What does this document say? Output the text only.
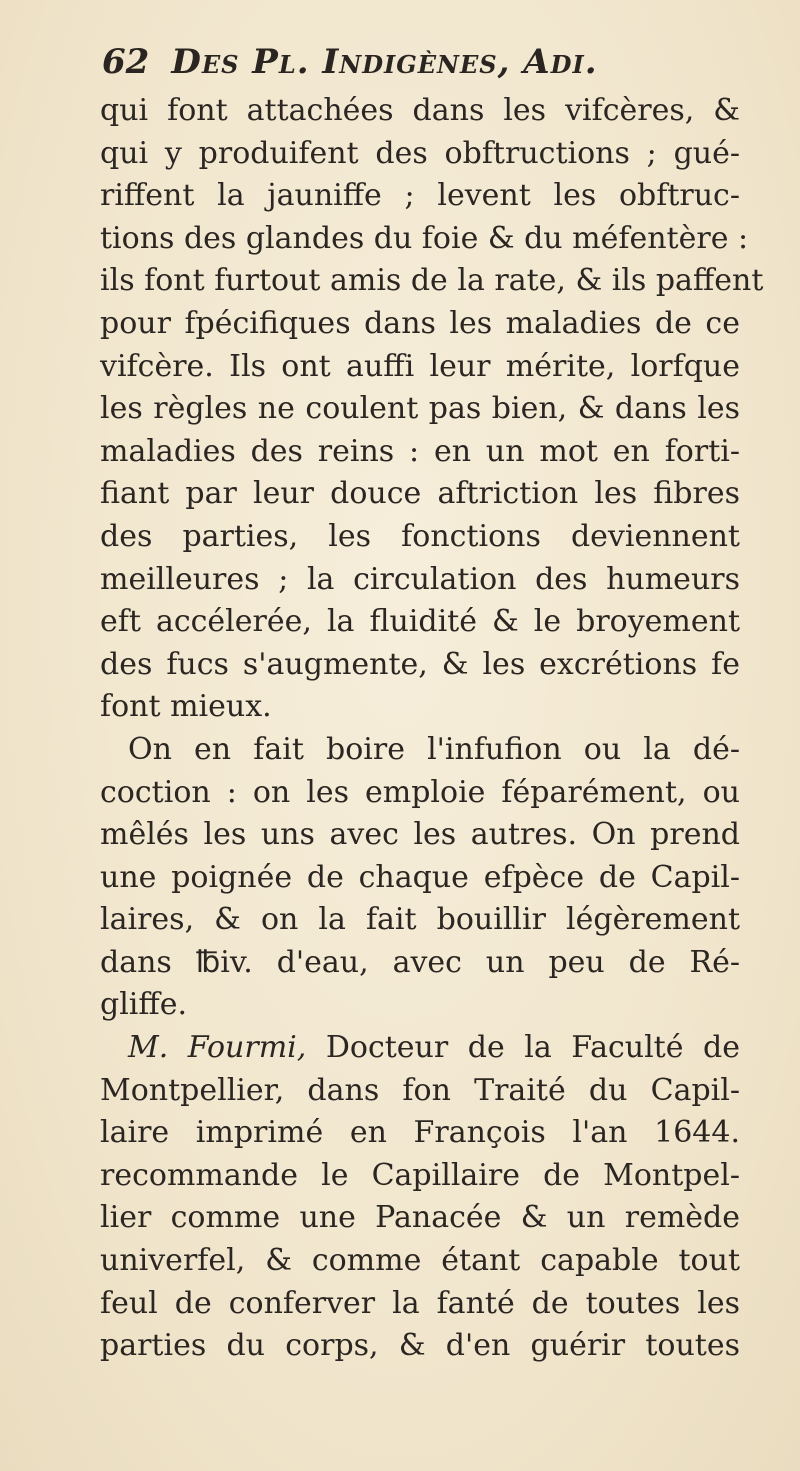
62 Des Pl. Indigènes, Adi.
qui font attachées dans les vifcères, &
qui y produifent des obftructions ; gué-
riffent la jauniffe ; levent les obftruc-
tions des glandes du foie & du méfentère :
ils font furtout amis de la rate, & ils paffent
pour fpécifiques dans les maladies de ce
vifcère. Ils ont auffi leur mérite, lorfque
les règles ne coulent pas bien, & dans les
maladies des reins : en un mot en forti-
fiant par leur douce aftriction les fibres
des parties, les fonctions deviennent
meilleures ; la circulation des humeurs
eft accélerée, la fluidité & le broyement
des fucs s'augmente, & les excrétions fe
font mieux.
On en fait boire l'infufion ou la dé-
coction : on les emploie féparément, ou
mêlés les uns avec les autres. On prend
une poignée de chaque efpèce de Capil-
laires, & on la fait bouillir légèrement
dans ℔iv. d'eau, avec un peu de Ré-
gliffe.
M. Fourmi, Docteur de la Faculté de
Montpellier, dans fon Traité du Capil-
laire imprimé en François l'an 1644.
recommande le Capillaire de Montpel-
lier comme une Panacée & un remède
univerfel, & comme étant capable tout
feul de conferver la fanté de toutes les
parties du corps, & d'en guérir toutes
